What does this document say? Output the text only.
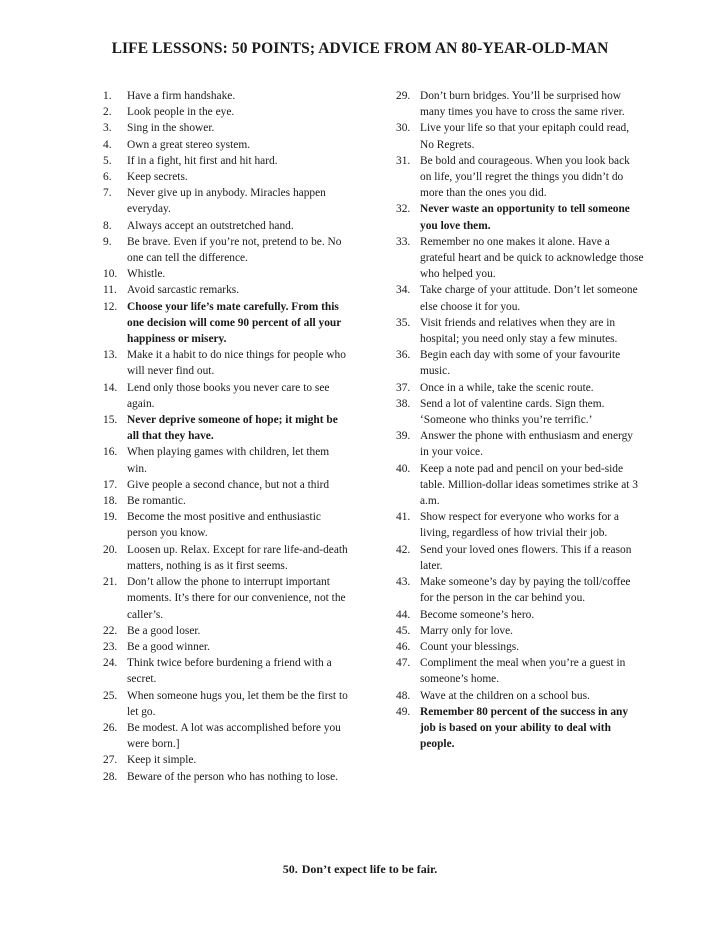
LIFE LESSONS: 50 POINTS; ADVICE FROM AN 80-YEAR-OLD-MAN
1.	Have a firm handshake.
2.	Look people in the eye.
3.	Sing in the shower.
4.	Own a great stereo system.
5.	If in a fight, hit first and hit hard.
6.	Keep secrets.
7.	Never give up in anybody. Miracles happen everyday.
8.	Always accept an outstretched hand.
9.	Be brave. Even if you’re not, pretend to be. No one can tell the difference.
10. Whistle.
11. Avoid sarcastic remarks.
12. Choose your life’s mate carefully. From this one decision will come 90 percent of all your happiness or misery.
13. Make it a habit to do nice things for people who will never find out.
14. Lend only those books you never care to see again.
15. Never deprive someone of hope; it might be all that they have.
16. When playing games with children, let them win.
17. Give people a second chance, but not a third
18. Be romantic.
19. Become the most positive and enthusiastic person you know.
20. Loosen up. Relax. Except for rare life-and-death matters, nothing is as it first seems.
21. Don’t allow the phone to interrupt important moments. It’s there for our convenience, not the caller’s.
22. Be a good loser.
23. Be a good winner.
24. Think twice before burdening a friend with a secret.
25. When someone hugs you, let them be the first to let go.
26. Be modest. A lot was accomplished before you were born.]
27. Keep it simple.
28. Beware of the person who has nothing to lose.
29. Don’t burn bridges. You’ll be surprised how many times you have to cross the same river.
30. Live your life so that your epitaph could read, No Regrets.
31. Be bold and courageous. When you look back on life, you’ll regret the things you didn’t do more than the ones you did.
32. Never waste an opportunity to tell someone you love them.
33. Remember no one makes it alone. Have a grateful heart and be quick to acknowledge those who helped you.
34. Take charge of your attitude. Don’t let someone else choose it for you.
35. Visit friends and relatives when they are in hospital; you need only stay a few minutes.
36. Begin each day with some of your favourite music.
37. Once in a while, take the scenic route.
38. Send a lot of valentine cards. Sign them. ‘Someone who thinks you’re terrific.’
39. Answer the phone with enthusiasm and energy in your voice.
40. Keep a note pad and pencil on your bed-side table. Million-dollar ideas sometimes strike at 3 a.m.
41. Show respect for everyone who works for a living, regardless of how trivial their job.
42. Send your loved ones flowers. This if a reason later.
43. Make someone’s day by paying the toll/coffee for the person in the car behind you.
44. Become someone’s hero.
45. Marry only for love.
46. Count your blessings.
47. Compliment the meal when you’re a guest in someone’s home.
48. Wave at the children on a school bus.
49. Remember 80 percent of the success in any job is based on your ability to deal with people.
50. Don’t expect life to be fair.
